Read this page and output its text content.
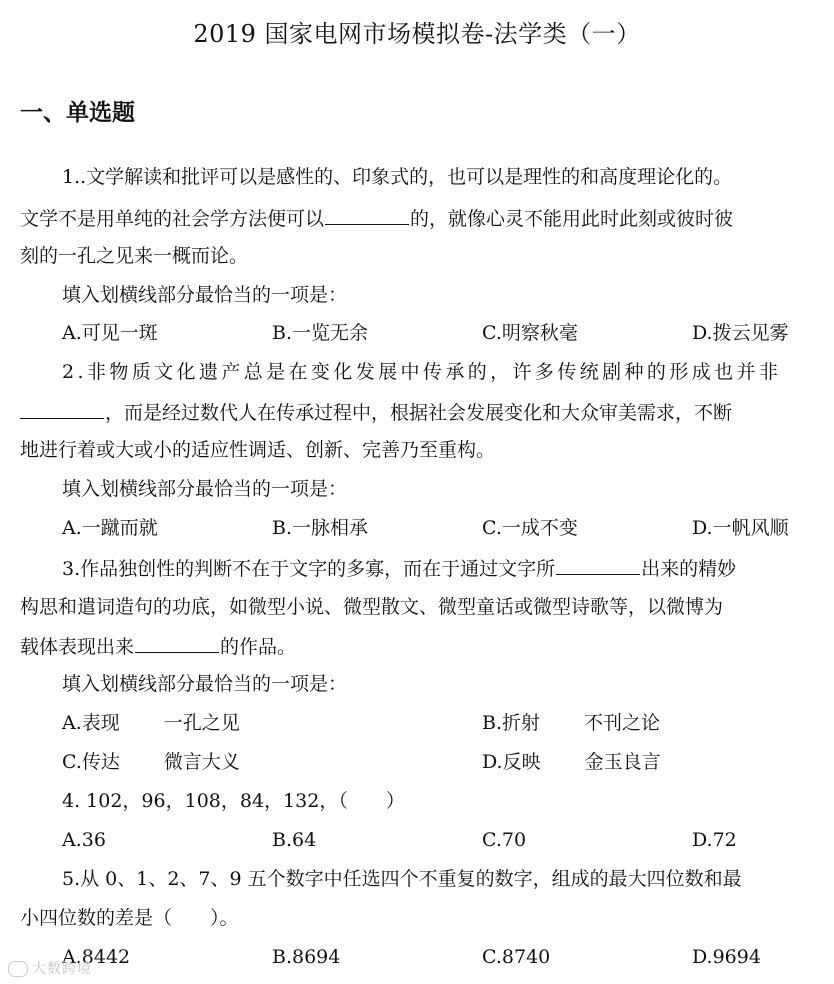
2019 国家电网市场模拟卷-法学类（一）
一、单选题
1..文学解读和批评可以是感性的、印象式的，也可以是理性的和高度理论化的。
文学不是用单纯的社会学方法便可以	的，就像心灵不能用此时此刻或彼时彼
刻的一孔之见来一概而论。
填入划横线部分最恰当的一项是：
A.可见一斑	B.一览无余	C.明察秋毫	D.拨云见雾
2.非物质文化遗产总是在变化发展中传承的，许多传统剧种的形成也并非
，而是经过数代人在传承过程中，根据社会发展变化和大众审美需求，不断
地进行着或大或小的适应性调适、创新、完善乃至重构。
填入划横线部分最恰当的一项是：
A.一蹴而就	B.一脉相承	C.一成不变	D.一帆风顺
3.作品独创性的判断不在于文字的多寡，而在于通过文字所	出来的精妙
构思和遣词造句的功底，如微型小说、微型散文、微型童话或微型诗歌等，以微博为
载体表现出来	的作品。
填入划横线部分最恰当的一项是：
A.表现 一孔之见	B.折射 不刊之论
C.传达 微言大义	D.反映 金玉良言
4. 102，96，108，84，132，（　　）
A.36	B.64	C.70	D.72
5.从 0、1、2、7、9 五个数字中任选四个不重复的数字，组成的最大四位数和最
小四位数的差是（　　）。
A.8442	B.8694	C.8740	D.9694
大数跨境
